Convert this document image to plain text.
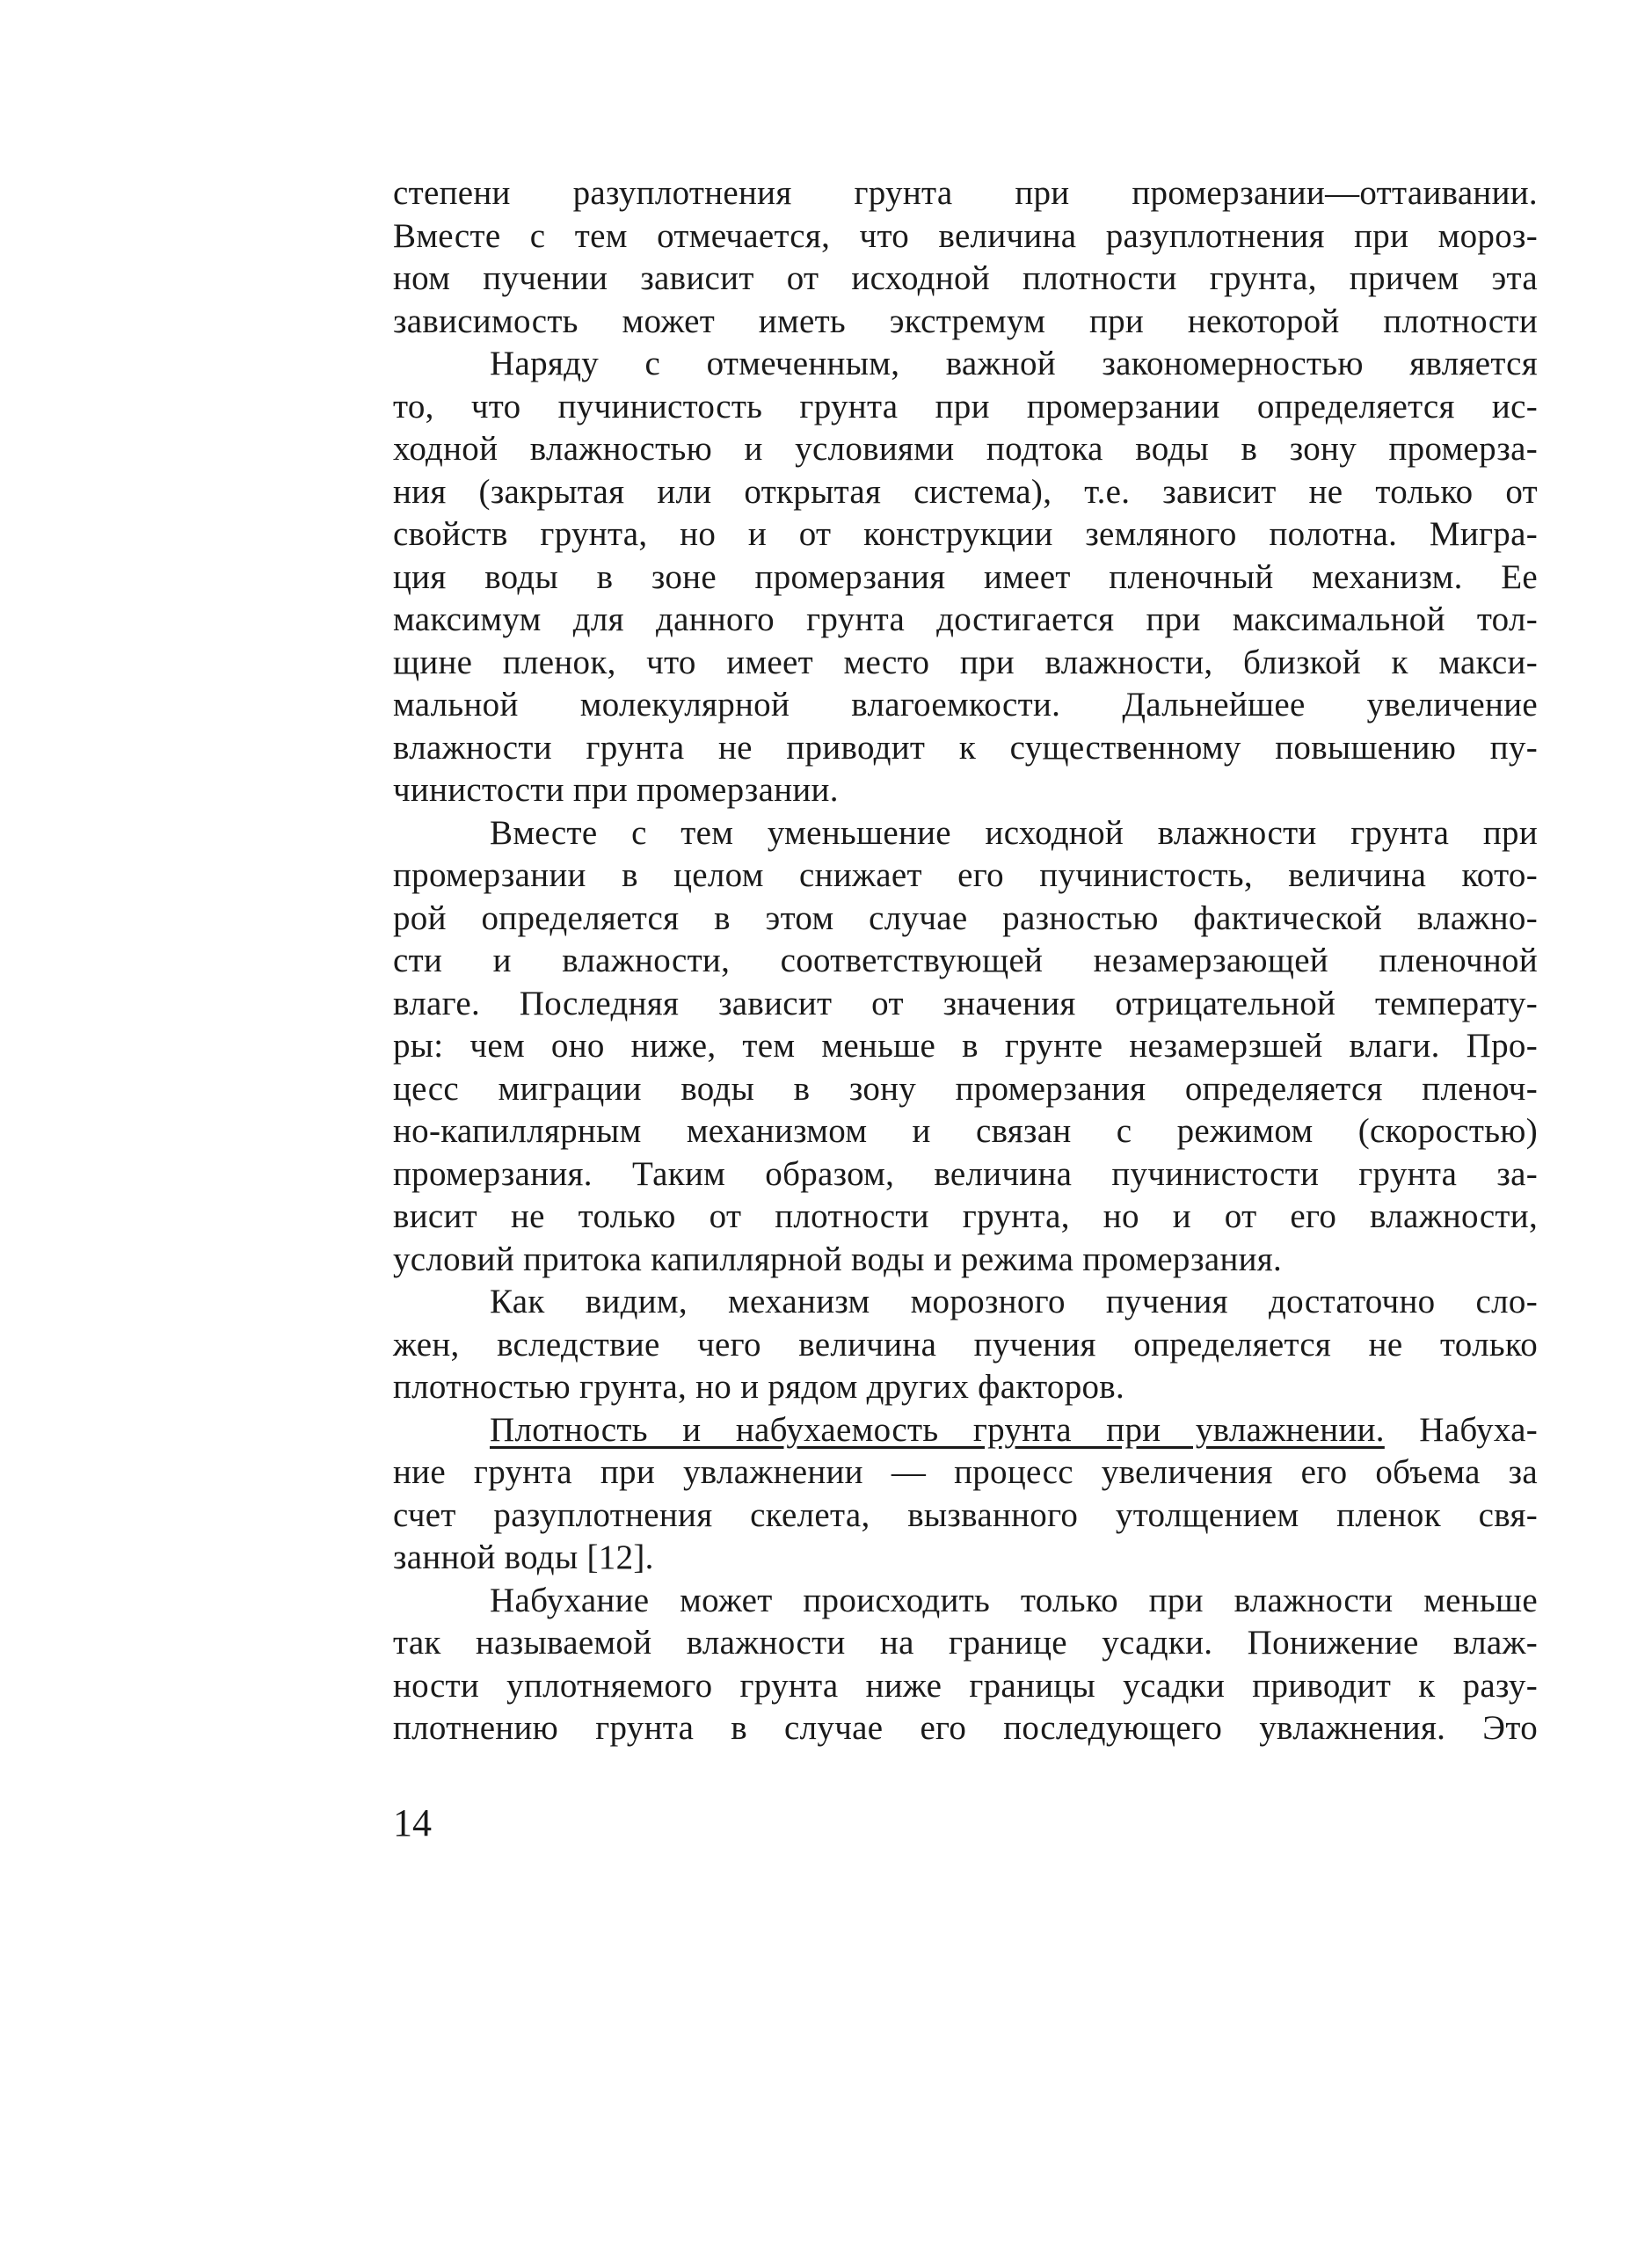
степени разуплотнения грунта при промерзании—оттаивании.
Вместе с тем отмечается, что величина разуплотнения при мороз-
ном пучении зависит от исходной плотности грунта, причем эта
зависимость может иметь экстремум при некоторой плотности
Наряду с отмеченным, важной закономерностью является
то, что пучинистость грунта при промерзании определяется ис-
ходной влажностью и условиями подтока воды в зону промерза-
ния (закрытая или открытая система), т.е. зависит не только от
свойств грунта, но и от конструкции земляного полотна. Мигра-
ция воды в зоне промерзания имеет пленочный механизм. Ее
максимум для данного грунта достигается при максимальной тол-
щине пленок, что имеет место при влажности, близкой к макси-
мальной молекулярной влагоемкости. Дальнейшее увеличение
влажности грунта не приводит к существенному повышению пу-
чинистости при промерзании.
Вместе с тем уменьшение исходной влажности грунта при
промерзании в целом снижает его пучинистость, величина кото-
рой определяется в этом случае разностью фактической влажно-
сти и влажности, соответствующей незамерзающей пленочной
влаге. Последняя зависит от значения отрицательной температу-
ры: чем оно ниже, тем меньше в грунте незамерзшей влаги. Про-
цесс миграции воды в зону промерзания определяется пленоч-
но-капиллярным механизмом и связан с режимом (скоростью)
промерзания. Таким образом, величина пучинистости грунта за-
висит не только от плотности грунта, но и от его влажности,
условий притока капиллярной воды и режима промерзания.
Как видим, механизм морозного пучения достаточно сло-
жен, вследствие чего величина пучения определяется не только
плотностью грунта, но и рядом других факторов.
Плотность и набухаемость грунта при увлажнении. Набуха-
ние грунта при увлажнении — процесс увеличения его объема за
счет разуплотнения скелета, вызванного утолщением пленок свя-
занной воды [12].
Набухание может происходить только при влажности меньше
так называемой влажности на границе усадки. Понижение влаж-
ности уплотняемого грунта ниже границы усадки приводит к разу-
плотнению грунта в случае его последующего увлажнения. Это
14
